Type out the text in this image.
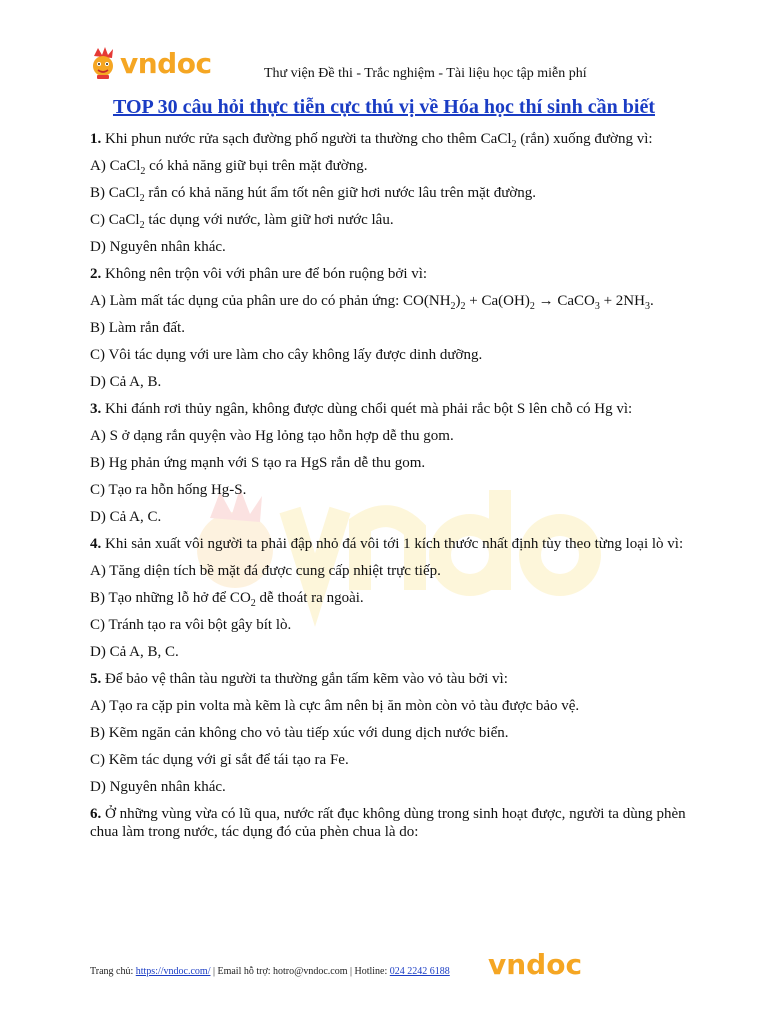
vndoc	Thư viện Đề thi - Trắc nghiệm - Tài liệu học tập miễn phí
TOP 30 câu hỏi thực tiễn cực thú vị về Hóa học thí sinh cần biết
1. Khi phun nước rửa sạch đường phố người ta thường cho thêm CaCl$_2$ (rắn) xuống đường vì:
A) CaCl$_2$ có khả năng giữ bụi trên mặt đường.
B) CaCl$_2$ rắn có khả năng hút ẩm tốt nên giữ hơi nước lâu trên mặt đường.
C) CaCl$_2$ tác dụng với nước, làm giữ hơi nước lâu.
D) Nguyên nhân khác.
2. Không nên trộn vôi với phân ure để bón ruộng bởi vì:
A) Làm mất tác dụng của phân ure do có phản ứng: $CO(NH_2)_2 + Ca(OH)_2$ → CaCO$_3$ + $2NH_3$.
B) Làm rắn đất.
C) Vôi tác dụng với ure làm cho cây không lấy được dinh dưỡng.
D) Cả A, B.
3. Khi đánh rơi thủy ngân, không được dùng chổi quét mà phải rắc bột S lên chỗ có Hg vì:
A) S ở dạng rắn quyện vào Hg lỏng tạo hỗn hợp dễ thu gom.
B) Hg phản ứng mạnh với S tạo ra HgS rắn dễ thu gom.
C) Tạo ra hỗn hống Hg-S.
D) Cả A, C.
4. Khi sản xuất vôi người ta phải đập nhỏ đá vôi tới 1 kích thước nhất định tùy theo từng loại lò vì:
A) Tăng diện tích bề mặt đá được cung cấp nhiệt trực tiếp.
B) Tạo những lỗ hở để $CO_2$ dễ thoát ra ngoài.
C) Tránh tạo ra vôi bột gây bít lò.
D) Cả A, B, C.
5. Để bảo vệ thân tàu người ta thường gắn tấm kẽm vào vỏ tàu bởi vì:
A) Tạo ra cặp pin volta mà kẽm là cực âm nên bị ăn mòn còn vỏ tàu được bảo vệ.
B) Kẽm ngăn cản không cho vỏ tàu tiếp xúc với dung dịch nước biển.
C) Kẽm tác dụng với gỉ sắt để tái tạo ra Fe.
D) Nguyên nhân khác.
6. Ở những vùng vừa có lũ qua, nước rất đục không dùng trong sinh hoạt được, người ta dùng phèn chua làm trong nước, tác dụng đó của phèn chua là do:
Trang chủ: https://vndoc.com/ | Email hỗ trợ: hotro@vndoc.com | Hotline: 024 2242 6188 vndoc
